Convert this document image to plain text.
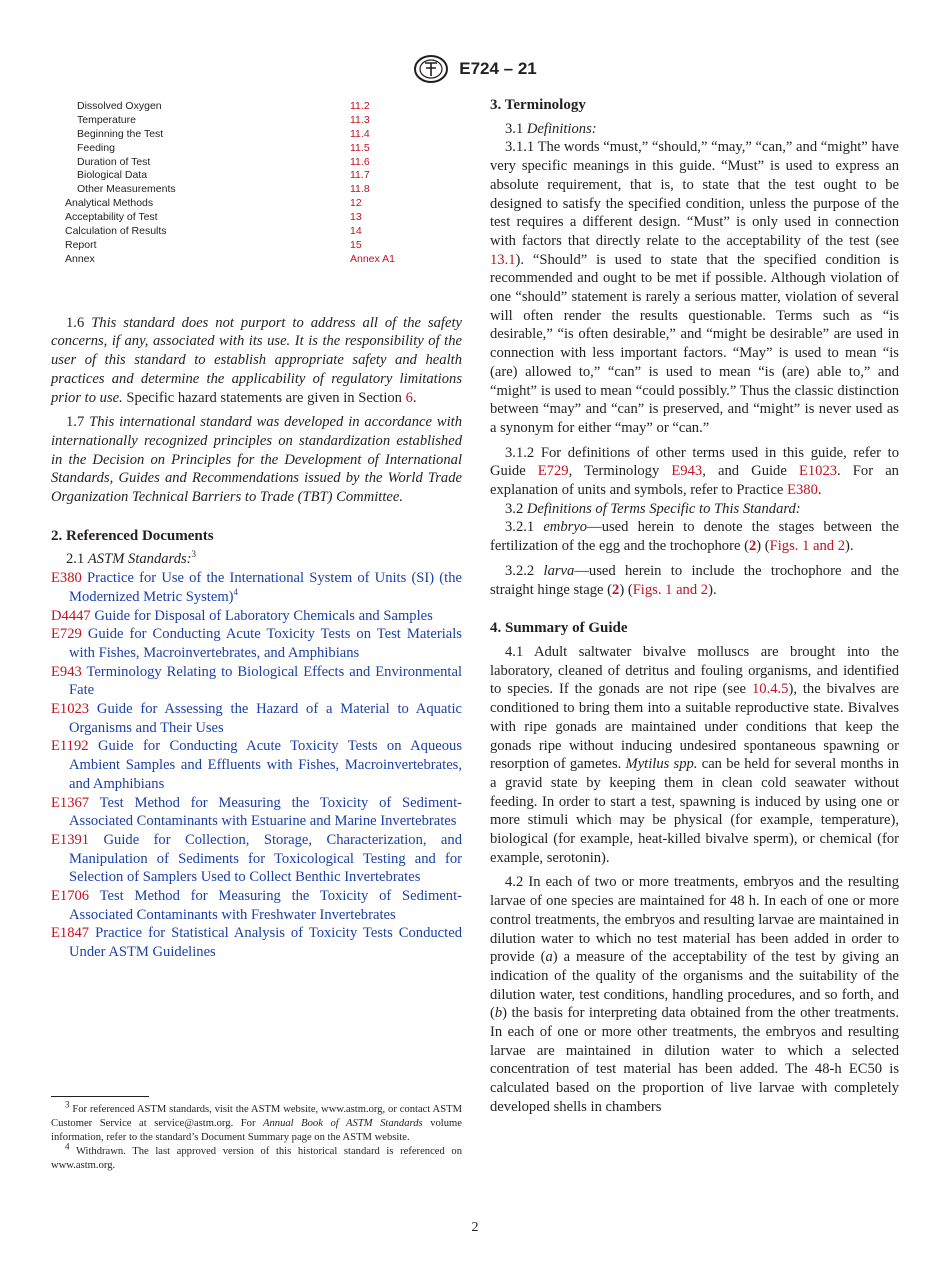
E724 – 21
Dissolved Oxygen	11.2
Temperature	11.3
Beginning the Test	11.4
Feeding	11.5
Duration of Test	11.6
Biological Data	11.7
Other Measurements	11.8
Analytical Methods	12
Acceptability of Test	13
Calculation of Results	14
Report	15
Annex	Annex A1

1.6 This standard does not purport to address all of the safety concerns, if any, associated with its use. It is the responsibility of the user of this standard to establish appropriate safety and health practices and determine the applicability of regulatory limitations prior to use. Specific hazard statements are given in Section 6.

1.7 This international standard was developed in accordance with internationally recognized principles on standardization established in the Decision on Principles for the Development of International Standards, Guides and Recommendations issued by the World Trade Organization Technical Barriers to Trade (TBT) Committee.

2. Referenced Documents

2.1 ASTM Standards:$^3$

E380 Practice for Use of the International System of Units (SI) (the Modernized Metric System)$^4$

D4447 Guide for Disposal of Laboratory Chemicals and Samples

E729 Guide for Conducting Acute Toxicity Tests on Test Materials with Fishes, Macroinvertebrates, and Amphibians

E943 Terminology Relating to Biological Effects and Environmental Fate

E1023 Guide for Assessing the Hazard of a Material to Aquatic Organisms and Their Uses

E1192 Guide for Conducting Acute Toxicity Tests on Aqueous Ambient Samples and Effluents with Fishes, Macroinvertebrates, and Amphibians

E1367 Test Method for Measuring the Toxicity of Sediment-Associated Contaminants with Estuarine and Marine Invertebrates

E1391 Guide for Collection, Storage, Characterization, and Manipulation of Sediments for Toxicological Testing and for Selection of Samplers Used to Collect Benthic Invertebrates

E1706 Test Method for Measuring the Toxicity of Sediment-Associated Contaminants with Freshwater Invertebrates

E1847 Practice for Statistical Analysis of Toxicity Tests Conducted Under ASTM Guidelines

$^3$ For referenced ASTM standards, visit the ASTM website, www.astm.org, or contact ASTM Customer Service at service@astm.org. For Annual Book of ASTM Standards volume information, refer to the standard’s Document Summary page on the ASTM website.

$^4$ Withdrawn. The last approved version of this historical standard is referenced on www.astm.org.

3. Terminology

3.1 Definitions:

3.1.1 The words “must,” “should,” “may,” “can,” and “might” have very specific meanings in this guide. “Must” is used to express an absolute requirement, that is, to state that the test ought to be designed to satisfy the specified condition, unless the purpose of the test requires a different design. “Must” is only used in connection with factors that directly relate to the acceptability of the test (see 13.1). “Should” is used to state that the specified condition is recommended and ought to be met if possible. Although violation of one “should” statement is rarely a serious matter, violation of several will often render the results questionable. Terms such as “is desirable,” “is often desirable,” and “might be desirable” are used in connection with less important factors. “May” is used to mean “is (are) allowed to,” “can” is used to mean “is (are) able to,” and “might” is used to mean “could possibly.” Thus the classic distinction between “may” and “can” is preserved, and “might” is never used as a synonym for either “may” or “can.”

3.1.2 For definitions of other terms used in this guide, refer to Guide E729, Terminology E943, and Guide E1023. For an explanation of units and symbols, refer to Practice E380.

3.2 Definitions of Terms Specific to This Standard:

3.2.1 embryo—used herein to denote the stages between the fertilization of the egg and the trochophore (2) (Figs. 1 and 2).

3.2.2 larva—used herein to include the trochophore and the straight hinge stage (2) (Figs. 1 and 2).

4. Summary of Guide

4.1 Adult saltwater bivalve molluscs are brought into the laboratory, cleaned of detritus and fouling organisms, and identified to species. If the gonads are not ripe (see 10.4.5), the bivalves are conditioned to bring them into a suitable reproductive state. Bivalves with ripe gonads are maintained under conditions that keep the gonads ripe without inducing undesired spontaneous spawning or resorption of gametes. Mytilus spp. can be held for several months in a gravid state by keeping them in clean cold seawater without feeding. In order to start a test, spawning is induced by using one or more stimuli which may be physical (for example, temperature), biological (for example, heat-killed bivalve sperm), or chemical (for example, serotonin).

4.2 In each of two or more treatments, embryos and the resulting larvae of one species are maintained for 48 h. In each of one or more control treatments, the embryos and resulting larvae are maintained in dilution water to which no test material has been added in order to provide (a) a measure of the acceptability of the test by giving an indication of the quality of the organisms and the suitability of the dilution water, test conditions, handling procedures, and so forth, and (b) the basis for interpreting data obtained from the other treatments. In each of one or more other treatments, the embryos and resulting larvae are maintained in dilution water to which a selected concentration of test material has been added. The 48-h EC50 is calculated based on the proportion of live larvae with completely developed shells in chambers

2
